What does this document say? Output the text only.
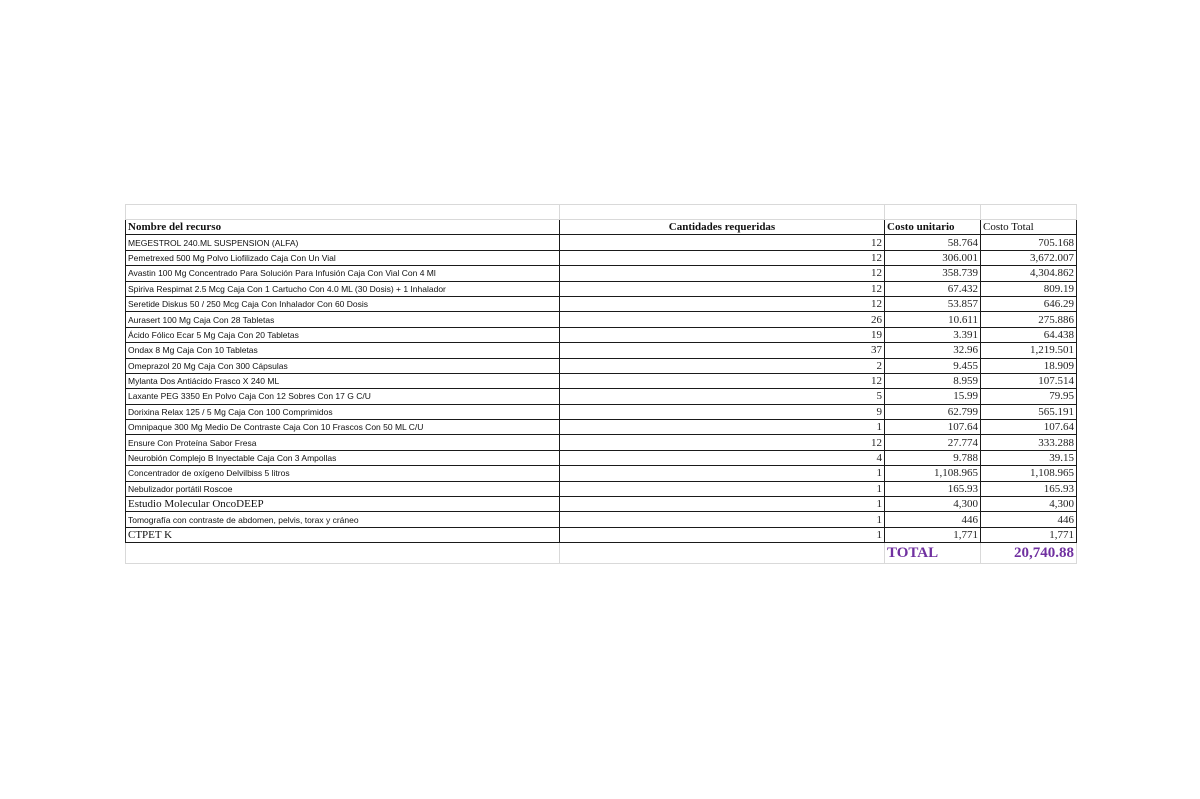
Nombre del recurso	Cantidades requeridas	Costo unitario	Costo Total
MEGESTROL 240.ML SUSPENSION (ALFA)	12	58.764	705.168
Pemetrexed 500 Mg Polvo Liofilizado Caja Con Un Vial	12	306.001	3,672.007
Avastin 100 Mg Concentrado Para Solución Para Infusión Caja Con Vial Con 4 Ml	12	358.739	4,304.862
Spiriva Respimat 2.5 Mcg Caja Con 1 Cartucho Con 4.0 ML (30 Dosis) + 1 Inhalador	12	67.432	809.19
Seretide Diskus 50 / 250 Mcg Caja Con Inhalador Con 60 Dosis	12	53.857	646.29
Aurasert 100 Mg Caja Con 28 Tabletas	26	10.611	275.886
Ácido Fólico Ecar 5 Mg Caja Con 20 Tabletas	19	3.391	64.438
Ondax 8 Mg Caja Con 10 Tabletas	37	32.96	1,219.501
Omeprazol 20 Mg Caja Con 300 Cápsulas	2	9.455	18.909
Mylanta Dos Antiácido Frasco X 240 ML	12	8.959	107.514
Laxante PEG 3350 En Polvo Caja Con 12 Sobres Con 17 G C/U	5	15.99	79.95
Dorixina Relax 125 / 5 Mg Caja Con 100 Comprimidos	9	62.799	565.191
Omnipaque 300 Mg Medio De Contraste Caja Con 10 Frascos Con 50 ML C/U	1	107.64	107.64
Ensure Con Proteína Sabor Fresa	12	27.774	333.288
Neurobión Complejo B Inyectable Caja Con 3 Ampollas	4	9.788	39.15
Concentrador de oxígeno Delvilbiss 5 litros	1	1,108.965	1,108.965
Nebulizador portátil Roscoe	1	165.93	165.93
Estudio Molecular OncoDEEP	1	4,300	4,300
Tomografía con contraste de abdomen, pelvis, torax y cráneo	1	446	446
CTPET K	1	1,771	1,771
		TOTAL	20,740.88
